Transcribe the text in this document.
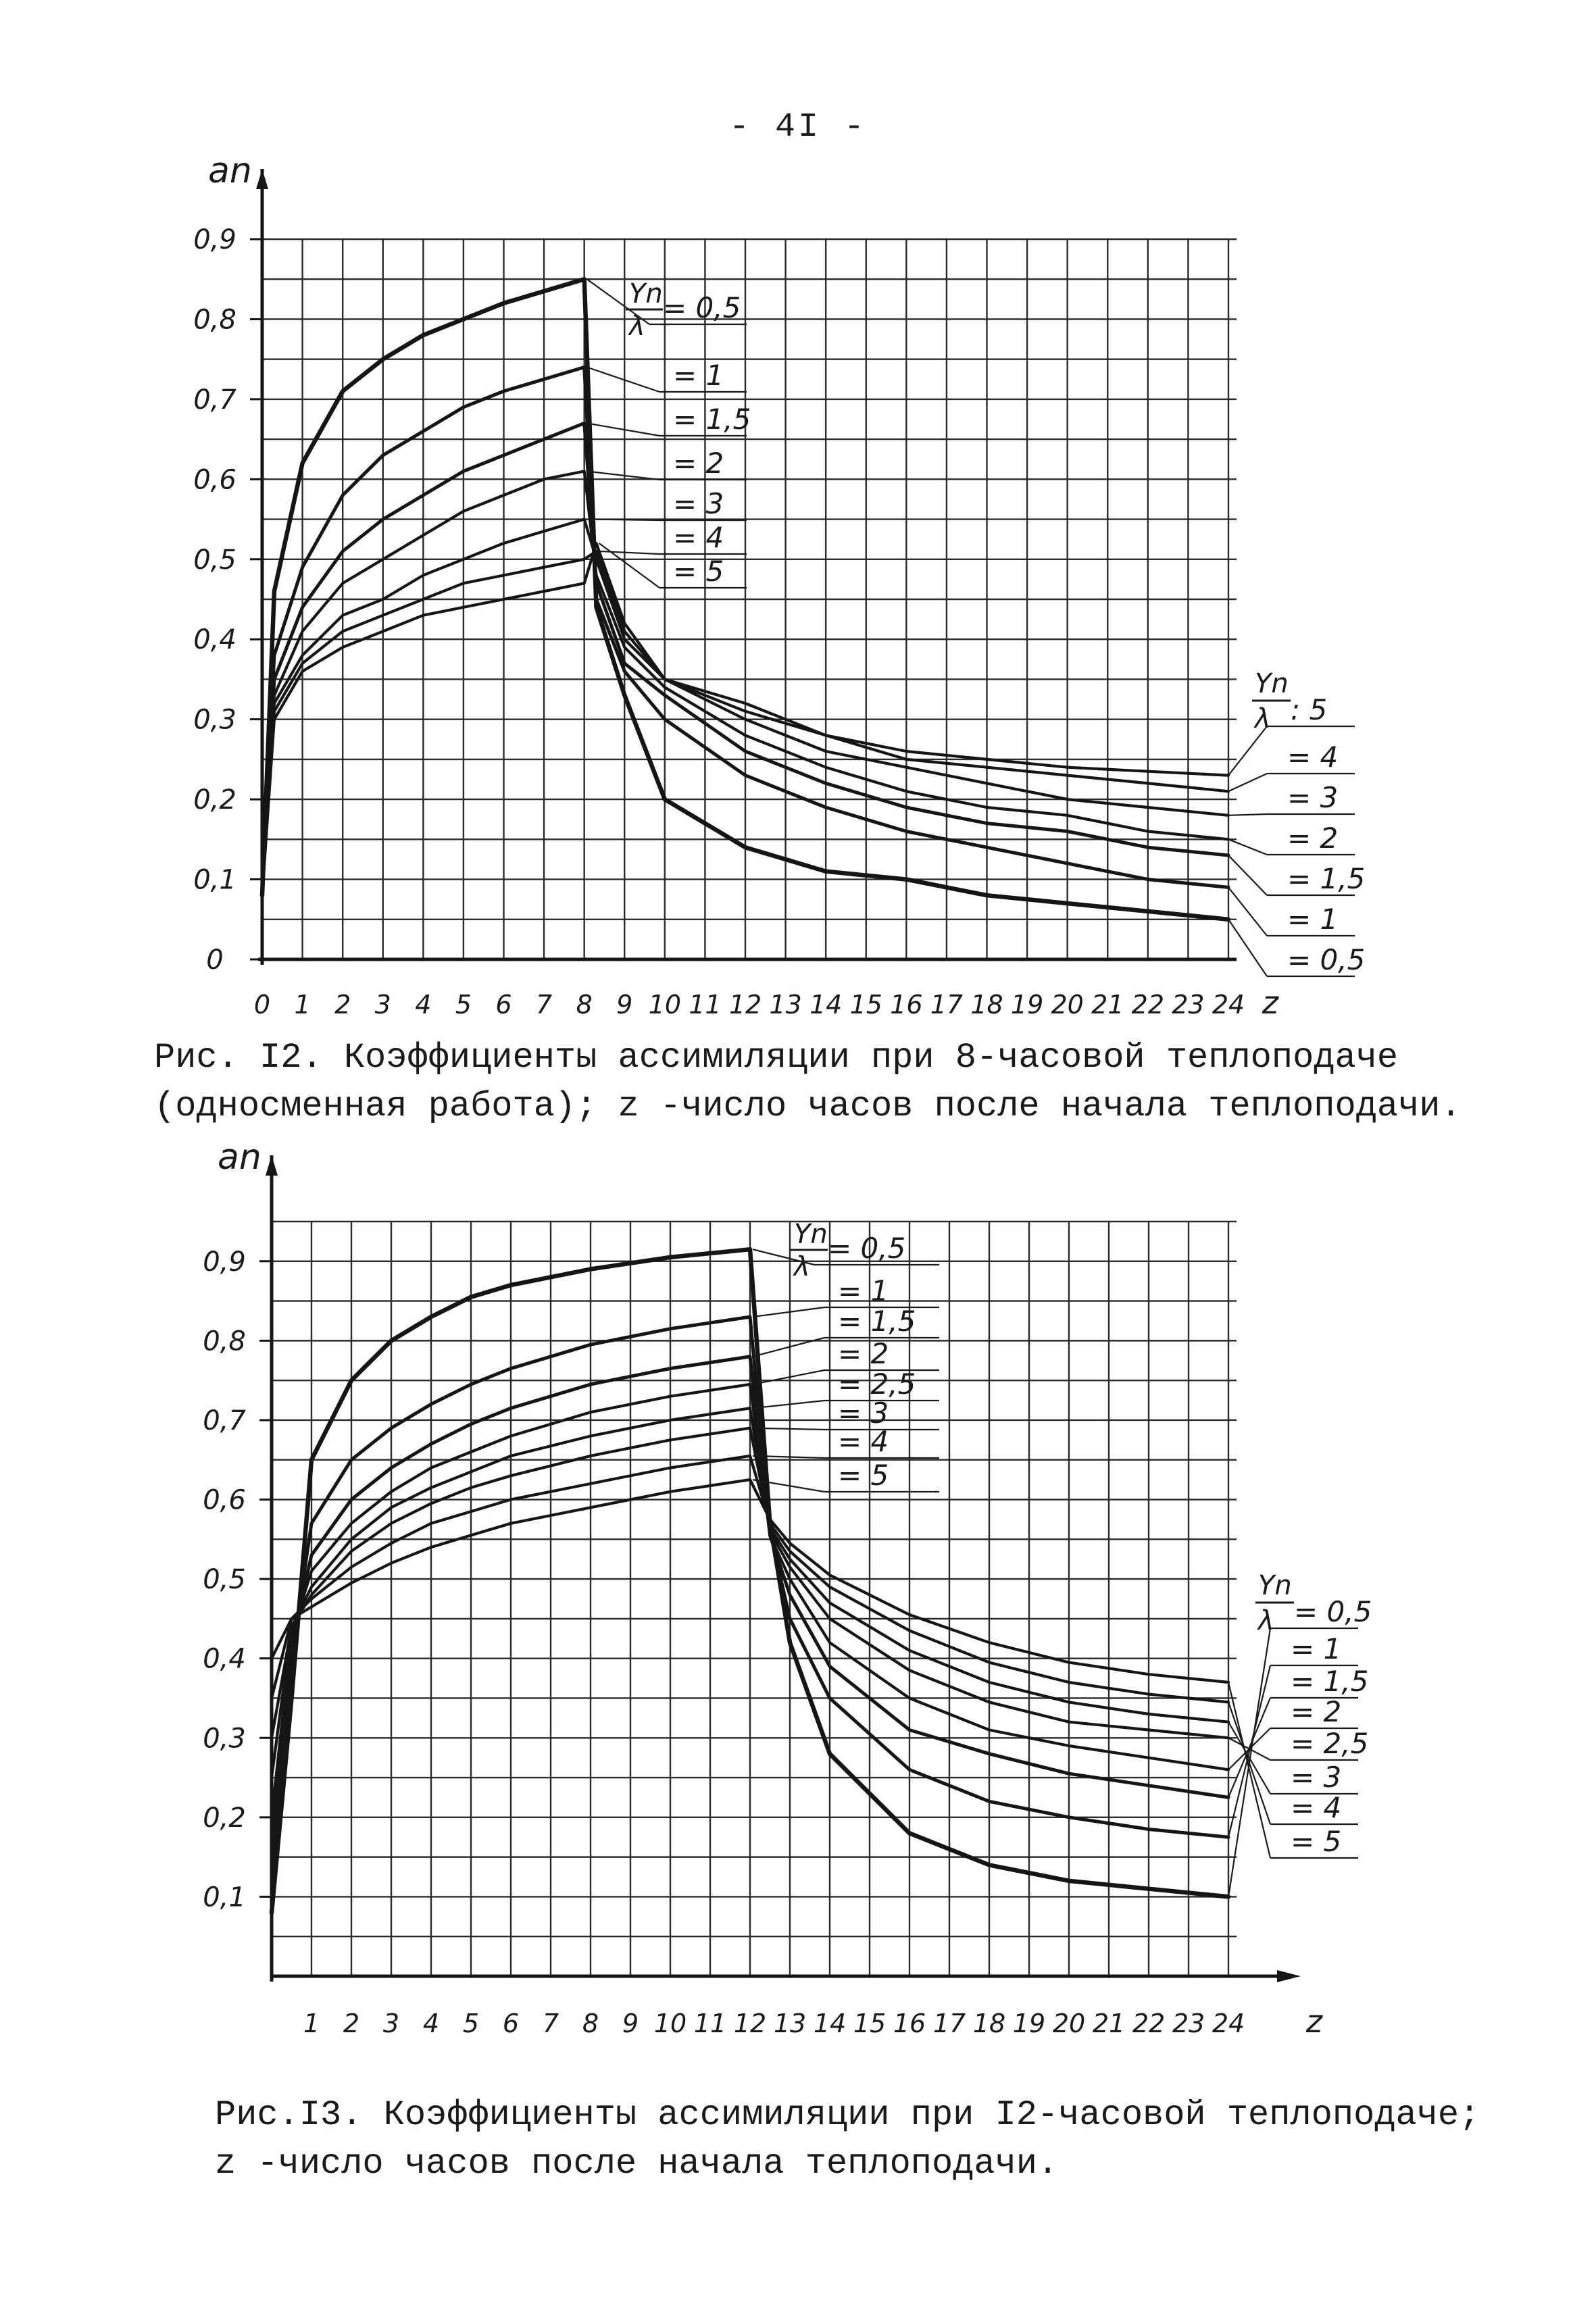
- 4I -
an
0
0,1
0,2
0,3
0,4
0,5
0,6
0,7
0,8
0,9
0 1 2 3 4 5 6 7 8 9 10 11 12 13 14 15 16 17 18 19 20 21 22 23 24 z
Yn
λ
= 0,5
= 1
= 1,5
= 2
= 3
= 4
= 5
Yn
λ : 5
= 4
= 3
= 2
= 1,5
= 1
= 0,5
an
0,1
0,2
0,3
0,4
0,5
0,6
0,7
0,8
0,9
1 2 3 4 5 6 7 8 9 10 11 12 13 14 15 16 17 18 19 20 21 22 23 24 z
Yn
λ
= 0,5
= 1
= 1,5
= 2
= 2,5
= 3
= 4
= 5
Yn
λ = 0,5
= 1
= 1,5
= 2
= 2,5
= 3
= 4
= 5
Рис. I2. Коэффициенты ассимиляции при 8-часовой теплоподаче
(односменная работа); z -число часов после начала теплоподачи.
Рис.I3. Коэффициенты ассимиляции при I2-часовой теплоподаче;
z -число часов после начала теплоподачи.
